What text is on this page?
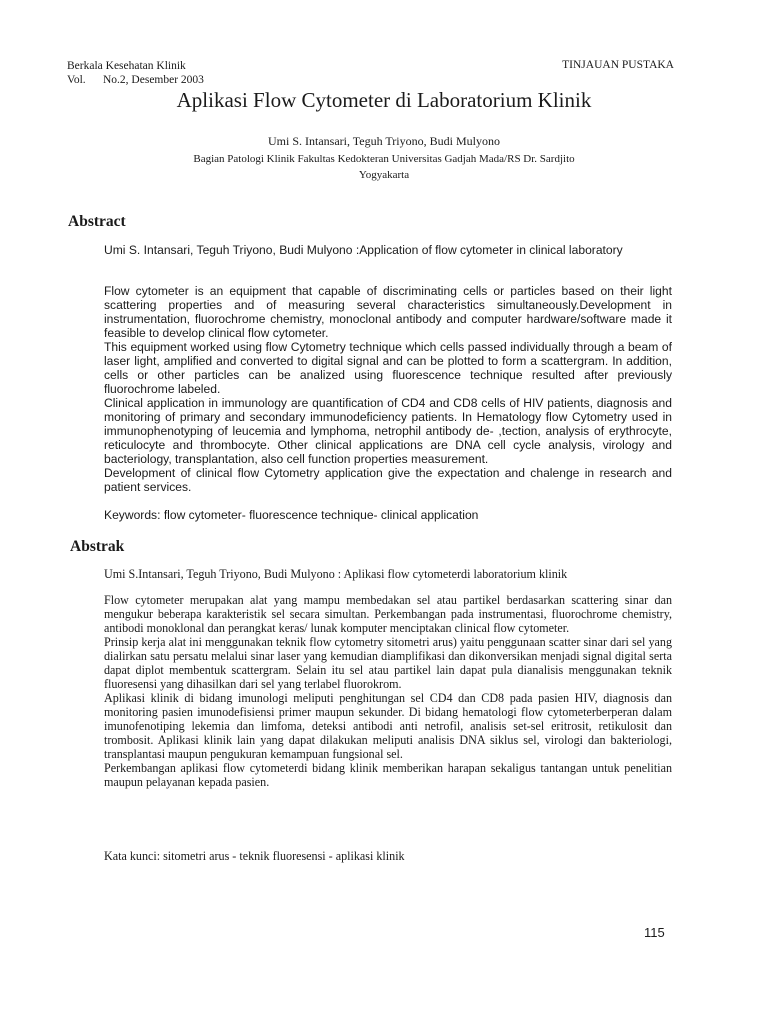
Berkala Kesehatan Klinik
Vol. No.2, Desember 2003
TINJAUAN PUSTAKA
Aplikasi Flow Cytometer di Laboratorium Klinik
Umi S. Intansari, Teguh Triyono, Budi Mulyono
Bagian Patologi Klinik Fakultas Kedokteran Universitas Gadjah Mada/RS Dr. Sardjito
Yogyakarta
Abstract
Umi S. Intansari, Teguh Triyono, Budi Mulyono :Application of flow cytometer in clinical laboratory

Flow cytometer is an equipment that capable of discriminating cells or particles based on their light scattering properties and of measuring several characteristics simultaneously.Development in instrumentation, fluorochrome chemistry, monoclonal antibody and computer hardware/software made it feasible to develop clinical flow cytometer.

This equipment worked using flow Cytometry technique which cells passed individually through a beam of laser light, amplified and converted to digital signal and can be plotted to form a scattergram. In addition, cells or other particles can be analized using fluorescence technique resulted after previously fluorochrome labeled.

Clinical application in immunology are quantification of CD4 and CD8 cells of HIV patients, diagnosis and monitoring of primary and secondary immunodeficiency patients. In Hematology flow Cytometry used in immunophenotyping of leucemia and lymphoma, netrophil antibody de- ,tection, analysis of erythrocyte, reticulocyte and thrombocyte. Other clinical applications are DNA cell cycle analysis, virology and bacteriology, transplantation, also cell function properties measurement.

Development of clinical flow Cytometry application give the expectation and chalenge in research and patient services.

Keywords: flow cytometer- fluorescence technique- clinical application
Abstrak
Umi S.Intansari, Teguh Triyono, Budi Mulyono : Aplikasi flow cytometerdi laboratorium klinik

Flow cytometer merupakan alat yang mampu membedakan sel atau partikel berdasarkan scattering sinar dan mengukur beberapa karakteristik sel secara simultan. Perkembangan pada instrumentasi, fluorochrome chemistry, antibodi monoklonal dan perangkat keras/ lunak komputer menciptakan clinical flow cytometer.

Prinsip kerja alat ini menggunakan teknik flow cytometry sitometri arus) yaitu penggunaan scatter sinar dari sel yang dialirkan satu persatu melalui sinar laser yang kemudian diamplifikasi dan dikonversikan menjadi signal digital serta dapat diplot membentuk scattergram. Selain itu sel atau partikel lain dapat pula dianalisis menggunakan teknik fluoresensi yang dihasilkan dari sel yang terlabel fluorokrom.

Aplikasi klinik di bidang imunologi meliputi penghitungan sel CD4 dan CD8 pada pasien HIV, diagnosis dan monitoring pasien imunodefisiensi primer maupun sekunder. Di bidang hematologi flow cytometerberperan dalam imunofenotiping lekemia dan limfoma, deteksi antibodi anti netrofil, analisis set-sel eritrosit, retikulosit dan trombosit. Aplikasi klinik lain yang dapat dilakukan meliputi analisis DNA siklus sel, virologi dan bakteriologi, transplantasi maupun pengukuran kemampuan fungsional sel.

Perkembangan aplikasi flow cytometerdi bidang klinik memberikan harapan sekaligus tantangan untuk penelitian maupun pelayanan kepada pasien.

Kata kunci: sitometri arus - teknik fluoresensi - aplikasi klinik
115
